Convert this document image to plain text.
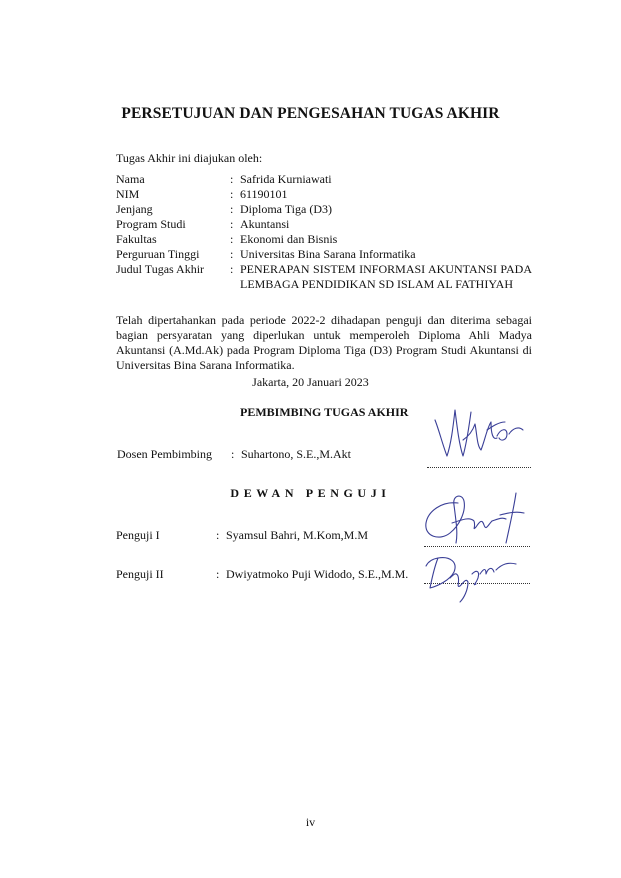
PERSETUJUAN DAN PENGESAHAN TUGAS AKHIR
Tugas Akhir ini diajukan oleh:
Nama	: Safrida Kurniawati
NIM	: 61190101
Jenjang	: Diploma Tiga (D3)
Program Studi	: Akuntansi
Fakultas	: Ekonomi dan Bisnis
Perguruan Tinggi	: Universitas Bina Sarana Informatika
Judul Tugas Akhir	: PENERAPAN SISTEM INFORMASI AKUNTANSI PADA LEMBAGA PENDIDIKAN SD ISLAM AL FATHIYAH
Telah dipertahankan pada periode 2022-2 dihadapan penguji dan diterima sebagai bagian persyaratan yang diperlukan untuk memperoleh Diploma Ahli Madya Akuntansi (A.Md.Ak) pada Program Diploma Tiga (D3) Program Studi Akuntansi di Universitas Bina Sarana Informatika.
Jakarta, 20 Januari 2023
PEMBIMBING TUGAS AKHIR
Dosen Pembimbing	: Suhartono, S.E.,M.Akt
DEWAN PENGUJI
Penguji I	: Syamsul Bahri, M.Kom,M.M
Penguji II	: Dwiyatmoko Puji Widodo, S.E.,M.M.
iv
